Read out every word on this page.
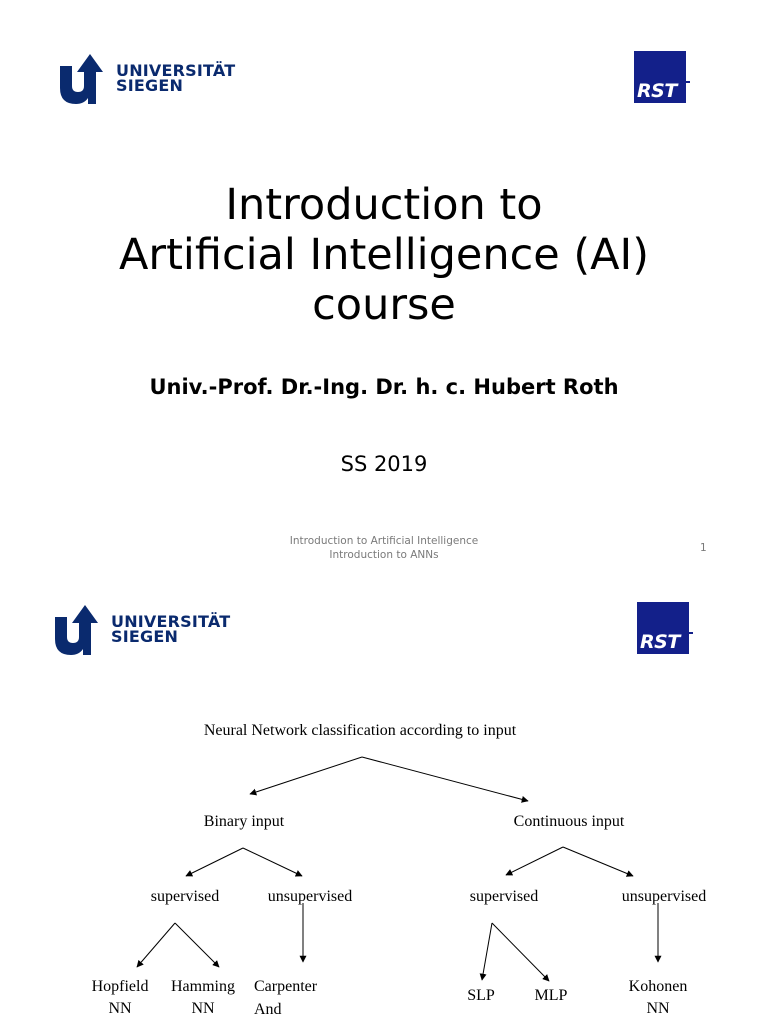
UNIVERSITÄT
SIEGEN	RST
Introduction to
Artificial Intelligence (AI)
course
Univ.-Prof. Dr.-Ing. Dr. h. c. Hubert Roth
SS 2019
Introduction to Artificial Intelligence
Introduction to ANNs
1
UNIVERSITÄT
SIEGEN	RST
Neural Network classification according to input
Binary input	Continuous input
supervised	unsupervised	supervised	unsupervised
Hopfield
NN
Hamming
NN
Carpenter
And
SLP MLP
Kohonen
NN
